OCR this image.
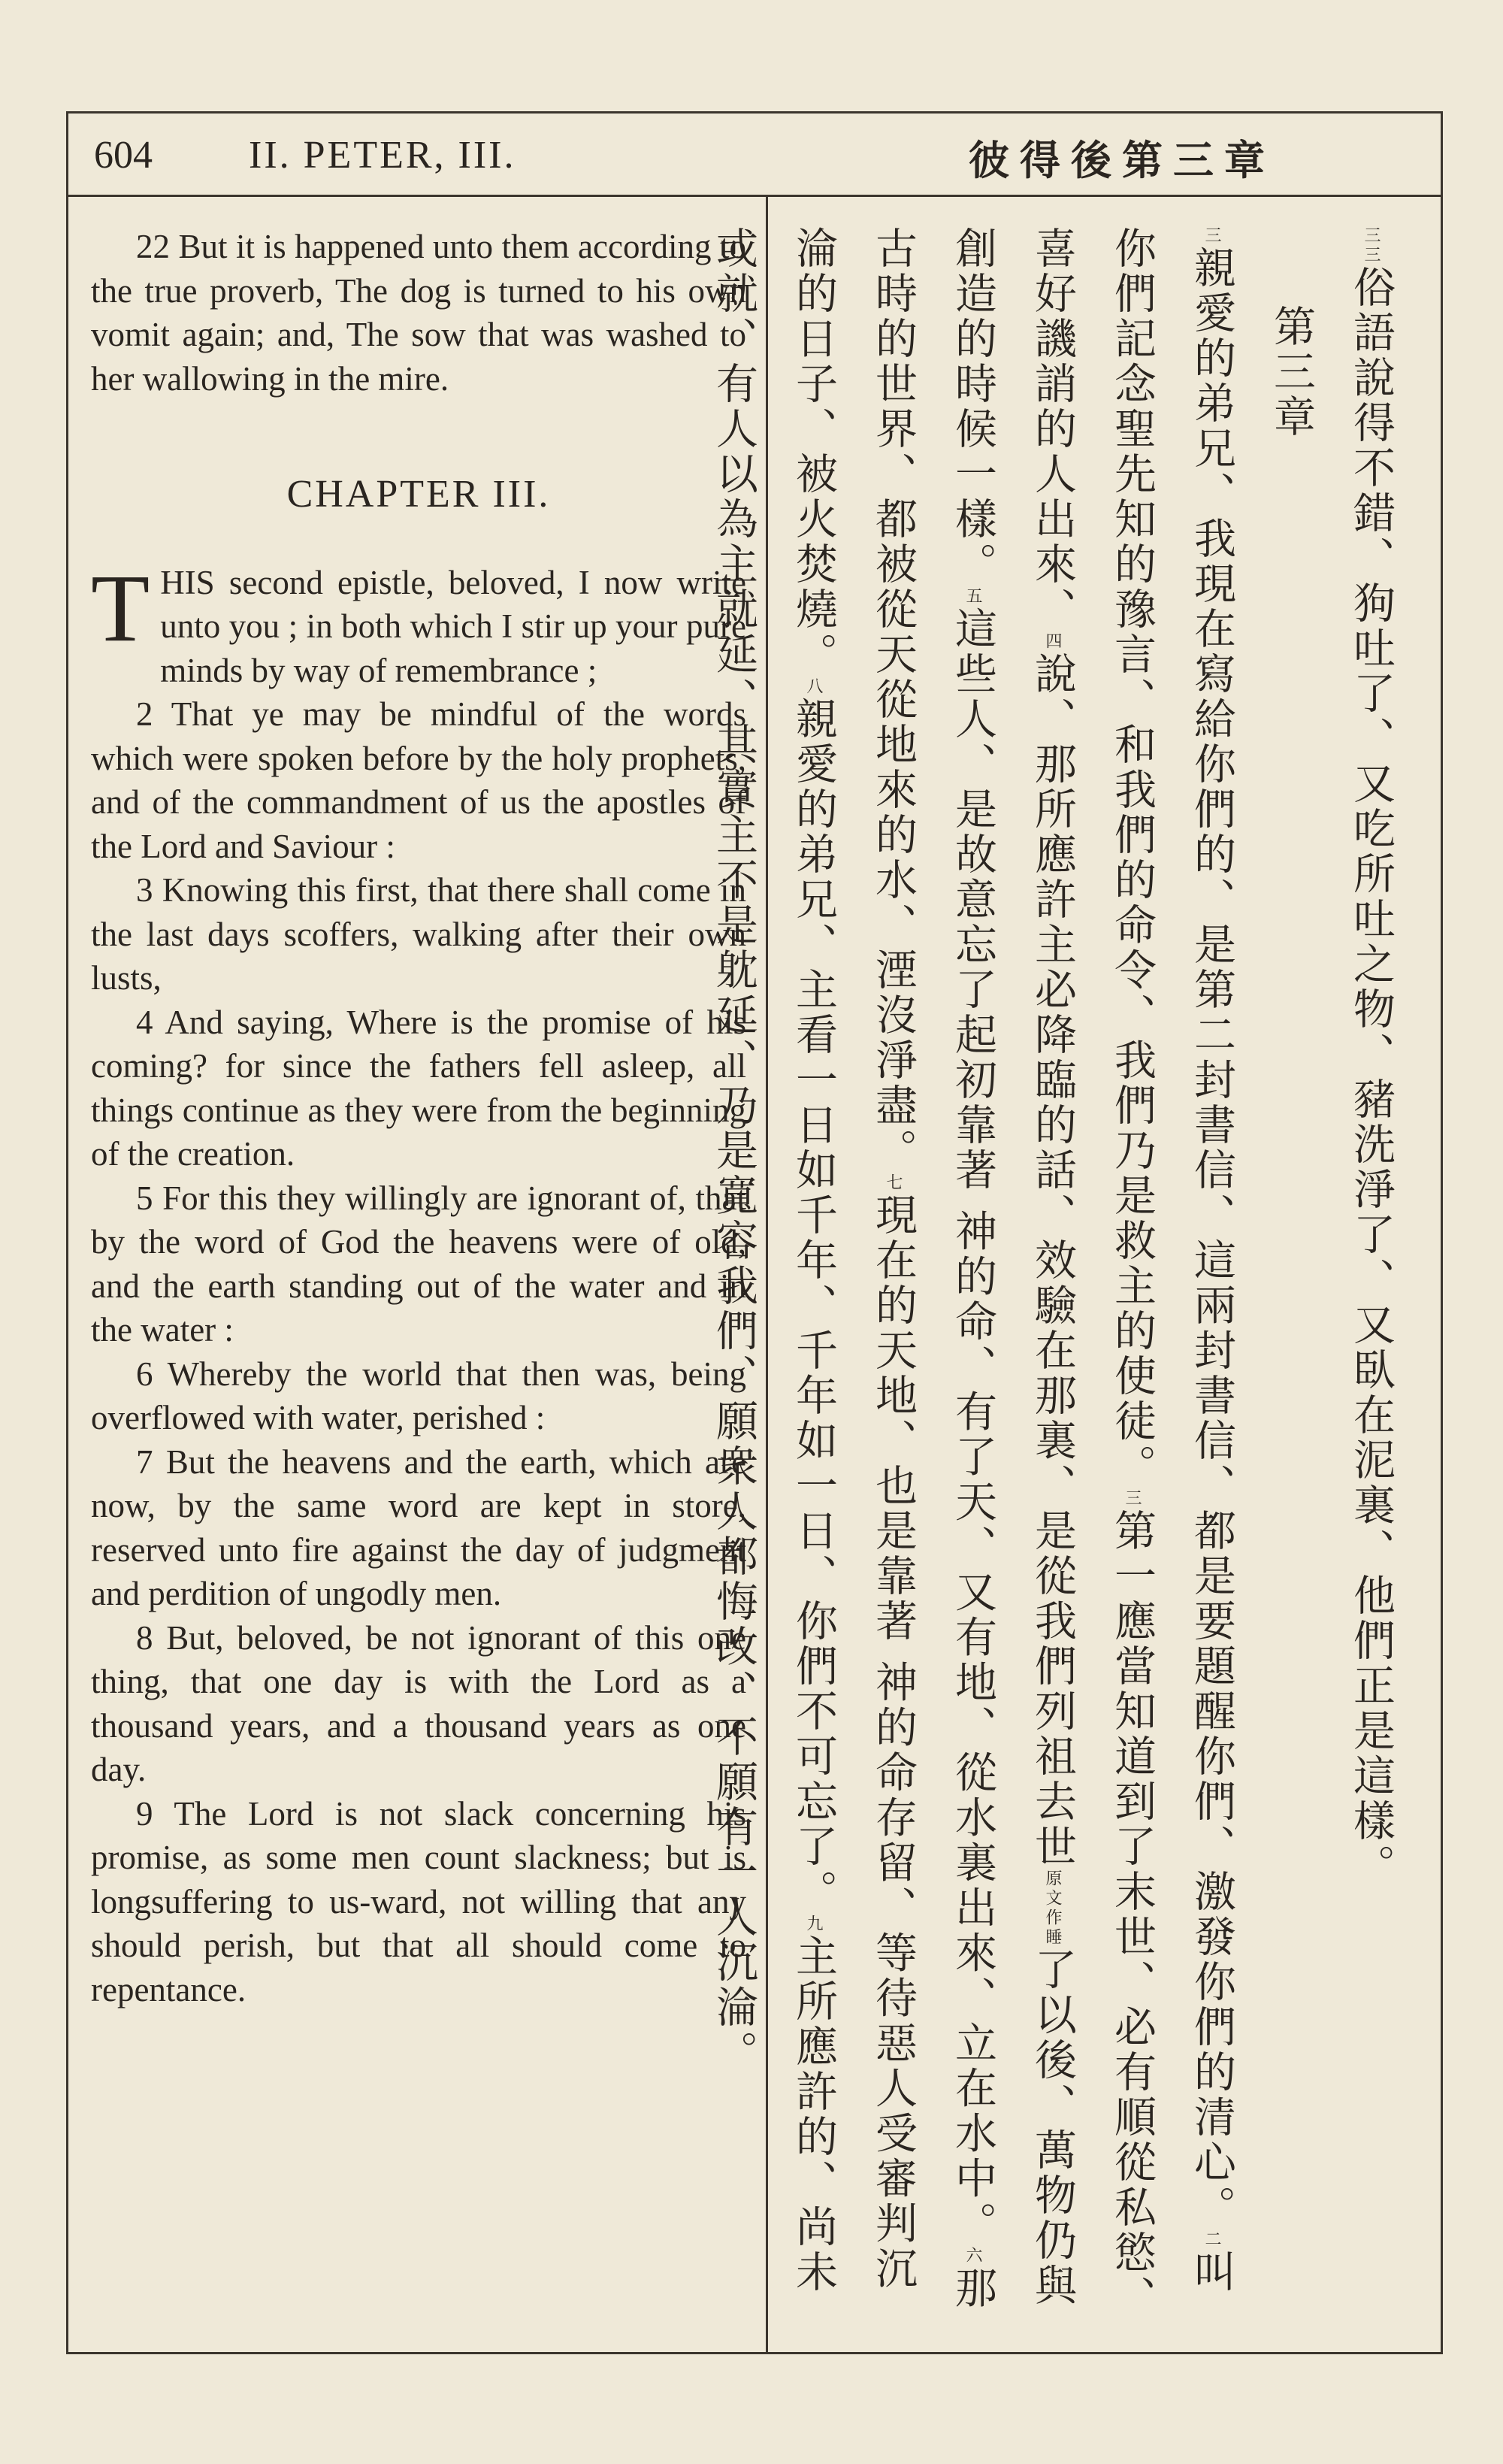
604 II. PETER, III.	彼得後第三章

22 But it is happened unto them according to the true proverb, The dog is turned to his own vomit again; and, The sow that was washed to her wallowing in the mire.

CHAPTER III.

THIS second epistle, beloved, I now write unto you ; in both which I stir up your pure minds by way of remembrance ;

2 That ye may be mindful of the words which were spoken before by the holy prophets, and of the commandment of us the apostles of the Lord and Saviour :

3 Knowing this first, that there shall come in the last days scoffers, walking after their own lusts,

4 And saying, Where is the promise of his coming? for since the fathers fell asleep, all things continue as they were from the beginning of the creation.

5 For this they willingly are ignorant of, that by the word of God the heavens were of old, and the earth standing out of the water and in the water :

6 Whereby the world that then was, being overflowed with water, perished :

7 But the heavens and the earth, which are now, by the same word are kept in store, reserved unto fire against the day of judgment and perdition of ungodly men.

8 But, beloved, be not ignorant of this one thing, that one day is with the Lord as a thousand years, and a thousand years as one day.

9 The Lord is not slack concerning his promise, as some men count slackness; but is longsuffering to us-ward, not willing that any should perish, but that all should come to repentance.

三三俗語說得不錯、狗吐了、又吃所吐之物、豬洗淨了、又臥在泥裏、他們正是這樣。

第三章

三親愛的弟兄、我現在寫給你們的、是第二封書信、這兩封書信、都是要題醒你們、激發你們的清心。二叫你們記念聖先知的豫言、和我們的命令、我們乃是救主的使徒。三第一應當知道到了末世、必有順從私慾、喜好譏誚的人出來、四說、那所應許主必降臨的話、效驗在那裏、是從我們列祖去世原文作睡了以後、萬物仍與創造的時候一樣。五這些人、是故意忘了起初靠著 神的命、有了天、又有地、從水裏出來、立在水中。六那古時的世界、都被從天從地來的水、湮沒淨盡。七現在的天地、也是靠著 神的命存留、等待惡人受審判沉淪的日子、被火焚燒。八親愛的弟兄、主看一日如千年、千年如一日、你們不可忘了。九主所應許的、尚未或就、有人以為主就延、其實主不是躭延、乃是寬容我們、願衆人都悔改、不願有一人沉淪。
